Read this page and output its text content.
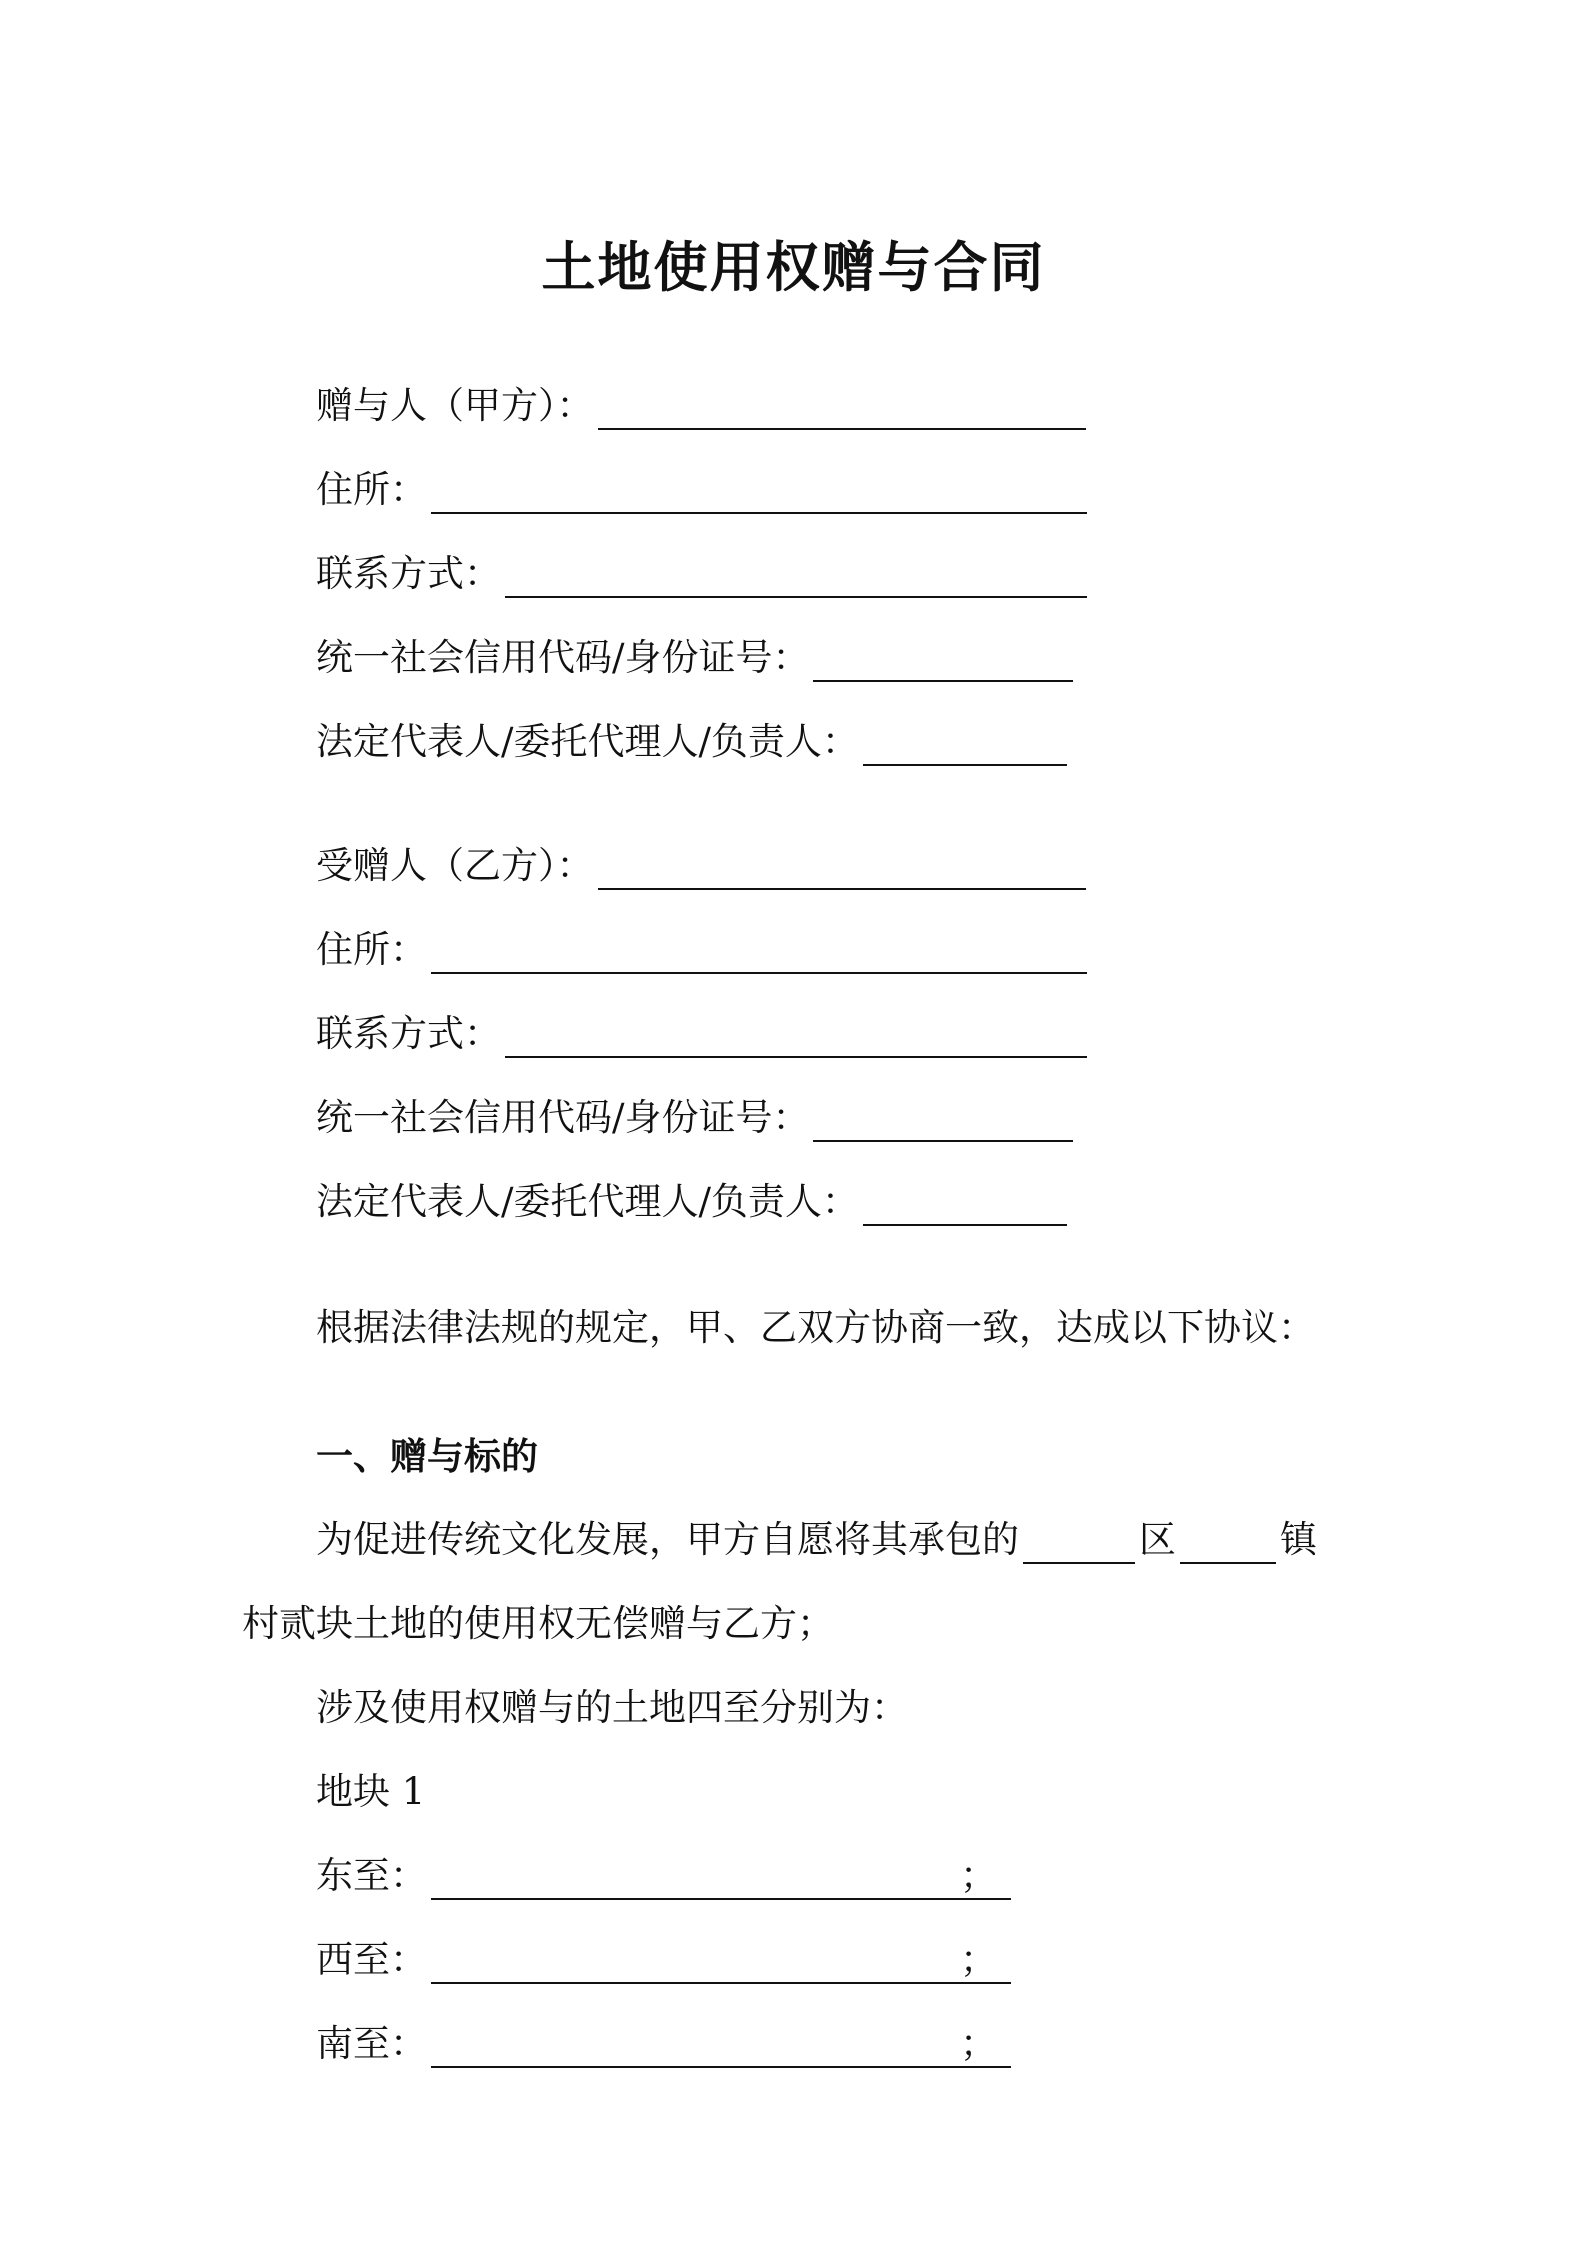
土地使用权赠与合同
赠与人（甲方）：
住所：
联系方式：
统一社会信用代码/身份证号：
法定代表人/委托代理人/负责人：
受赠人（乙方）：
住所：
联系方式：
统一社会信用代码/身份证号：
法定代表人/委托代理人/负责人：
根据法律法规的规定，甲、乙双方协商一致，达成以下协议：
一、赠与标的
为促进传统文化发展，甲方自愿将其承包的	区	镇
村贰块土地的使用权无偿赠与乙方；
涉及使用权赠与的土地四至分别为：
地块 1
东至：	；
西至：	；
南至：	；
